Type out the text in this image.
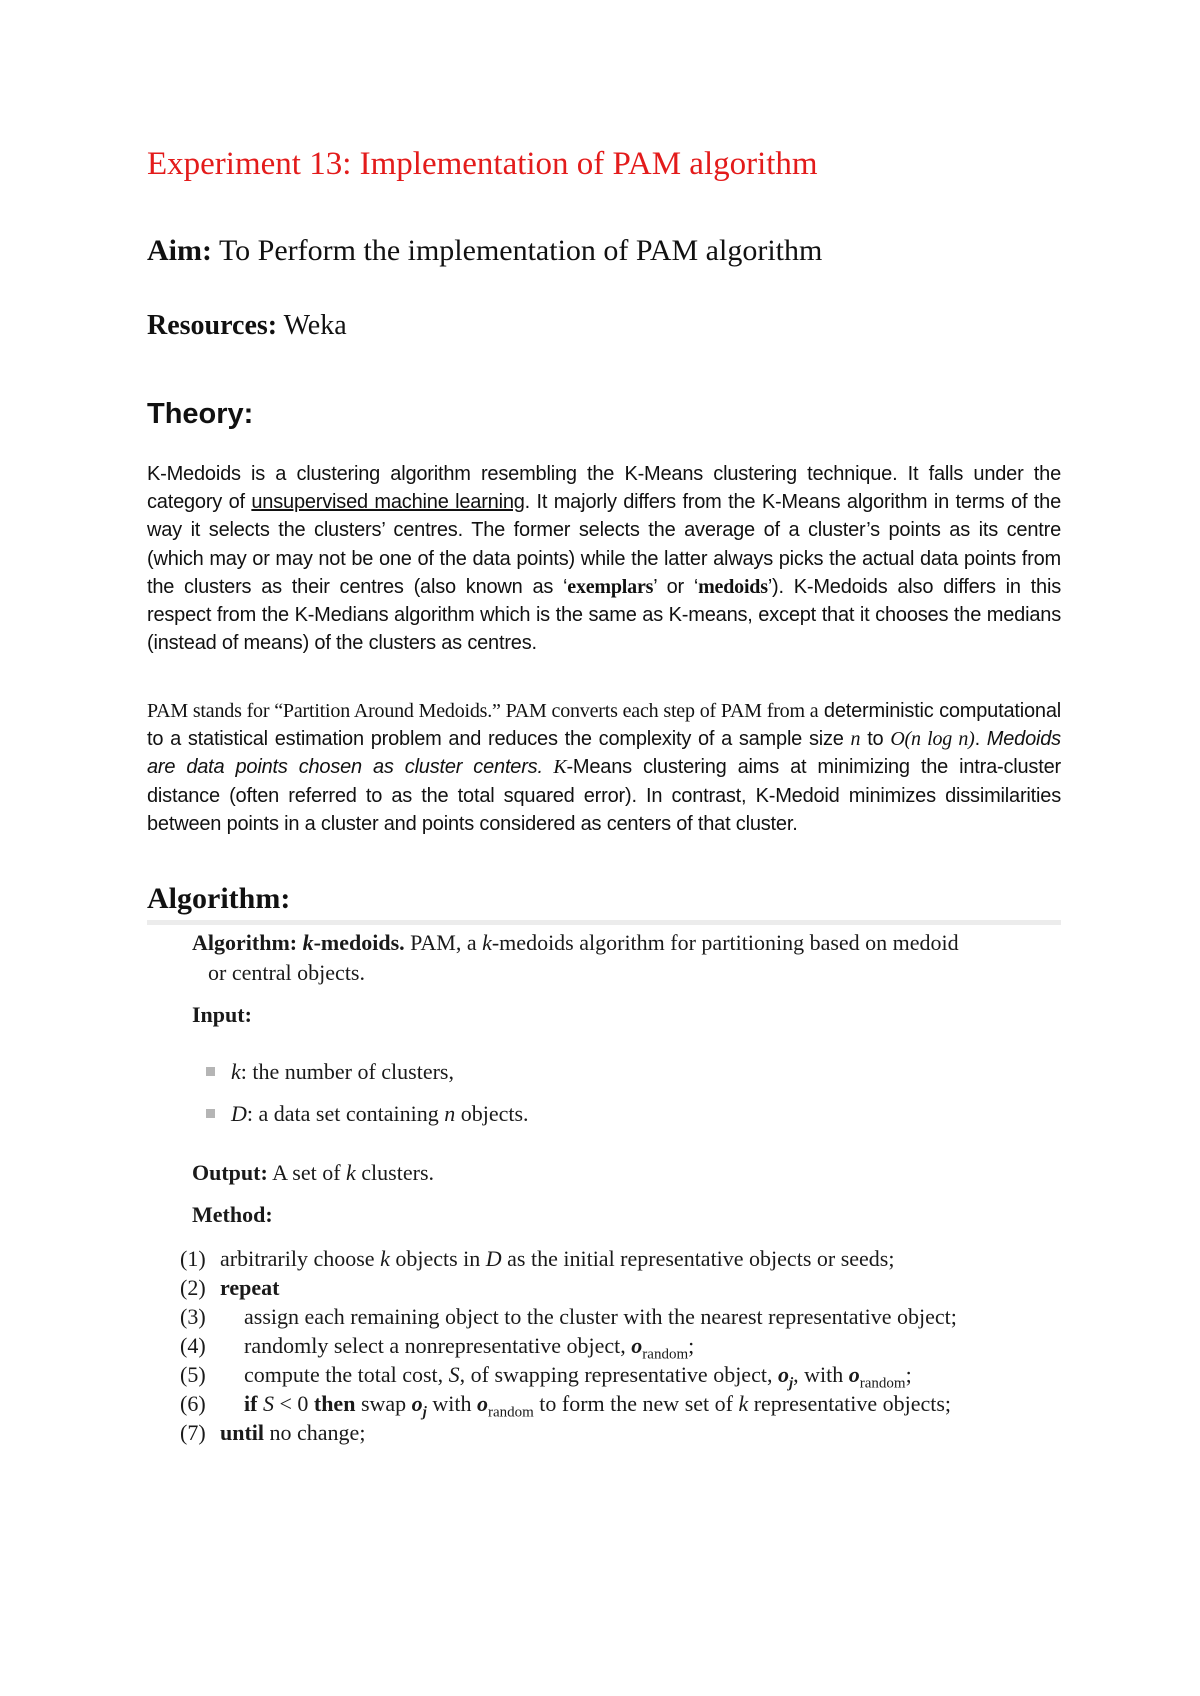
Experiment 13: Implementation of PAM algorithm
Aim: To Perform the implementation of PAM algorithm
Resources: Weka
Theory:
K-Medoids is a clustering algorithm resembling the K-Means clustering technique. It falls under the category of unsupervised machine learning. It majorly differs from the K-Means algorithm in terms of the way it selects the clusters’ centres. The former selects the average of a cluster’s points as its centre (which may or may not be one of the data points) while the latter always picks the actual data points from the clusters as their centres (also known as ‘exemplars’ or ‘medoids’). K-Medoids also differs in this respect from the K-Medians algorithm which is the same as K-means, except that it chooses the medians (instead of means) of the clusters as centres.
PAM stands for “Partition Around Medoids.” PAM converts each step of PAM from a deterministic computational to a statistical estimation problem and reduces the complexity of a sample size n to O(n log n). Medoids are data points chosen as cluster centers. K-Means clustering aims at minimizing the intra-cluster distance (often referred to as the total squared error). In contrast, K-Medoid minimizes dissimilarities between points in a cluster and points considered as centers of that cluster.
Algorithm:
Algorithm: k-medoids. PAM, a k-medoids algorithm for partitioning based on medoid
or central objects.
Input:
k: the number of clusters,
D: a data set containing n objects.
Output: A set of k clusters.
Method:
(1) arbitrarily choose k objects in D as the initial representative objects or seeds;
(2) repeat
(3) assign each remaining object to the cluster with the nearest representative object;
(4) randomly select a nonrepresentative object, $o_{random}$;
(5) compute the total cost, S, of swapping representative object, $o_j$, with $o_{random}$;
(6) if S < 0 then swap $o_j$ with $o_{random}$ to form the new set of k representative objects;
(7) until no change;
